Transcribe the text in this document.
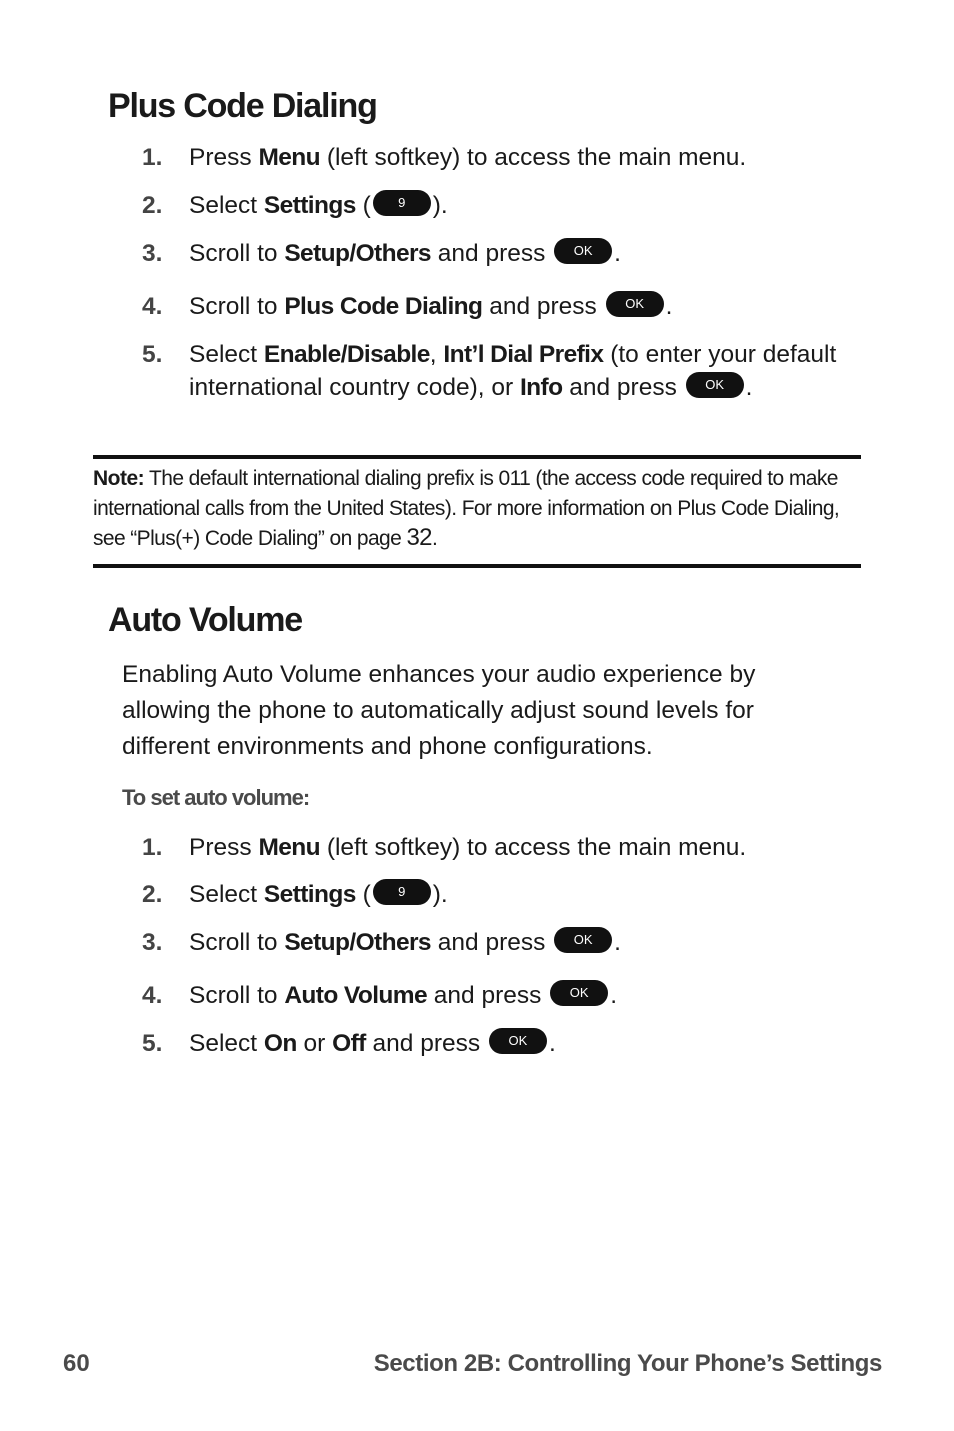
Plus Code Dialing
1. Press Menu (left softkey) to access the main menu.
2. Select Settings ( 9 ).
3. Scroll to Setup/Others and press OK .
4. Scroll to Plus Code Dialing and press OK .
5. Select Enable/Disable, Int’l Dial Prefix (to enter your default international country code), or Info and press OK .
Note: The default international dialing prefix is 011 (the access code required to make international calls from the United States). For more information on Plus Code Dialing, see “Plus(+) Code Dialing” on page 32.
Auto Volume
Enabling Auto Volume enhances your audio experience by allowing the phone to automatically adjust sound levels for different environments and phone configurations.
To set auto volume:
1. Press Menu (left softkey) to access the main menu.
2. Select Settings ( 9 ).
3. Scroll to Setup/Others and press OK .
4. Scroll to Auto Volume and press OK .
5. Select On or Off and press OK .
60	Section 2B: Controlling Your Phone’s Settings
